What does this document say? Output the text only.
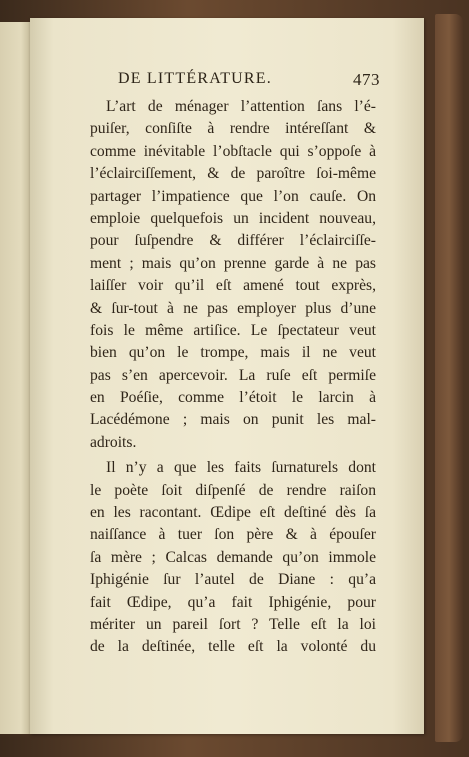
DE LITTÉRATURE.	473
L’art de ménager l’attention ſans l’é-
puiſer, conſiſte à rendre intéreſſant &
comme inévitable l’obſtacle qui s’oppoſe à
l’éclairciſſement, & de paroître ſoi-même
partager l’impatience que l’on cauſe. On
emploie quelquefois un incident nouveau,
pour ſuſpendre & différer l’éclairciſſe-
ment ; mais qu’on prenne garde à ne pas
laiſſer voir qu’il eſt amené tout exprès,
& ſur-tout à ne pas employer plus d’une
fois le même artiſice. Le ſpectateur veut
bien qu’on le trompe, mais il ne veut
pas s’en apercevoir. La ruſe eſt permiſe
en Poéſie, comme l’étoit le larcin à
Lacédémone ; mais on punit les mal-
adroits.
Il n’y a que les faits ſurnaturels dont
le poète ſoit diſpenſé de rendre raiſon
en les racontant. Œdipe eſt deſtiné dès ſa
naiſſance à tuer ſon père & à épouſer
ſa mère ; Calcas demande qu’on immole
Iphigénie ſur l’autel de Diane : qu’a
fait Œdipe, qu’a fait Iphigénie, pour
mériter un pareil ſort ? Telle eſt la loi
de la deſtinée, telle eſt la volonté du
